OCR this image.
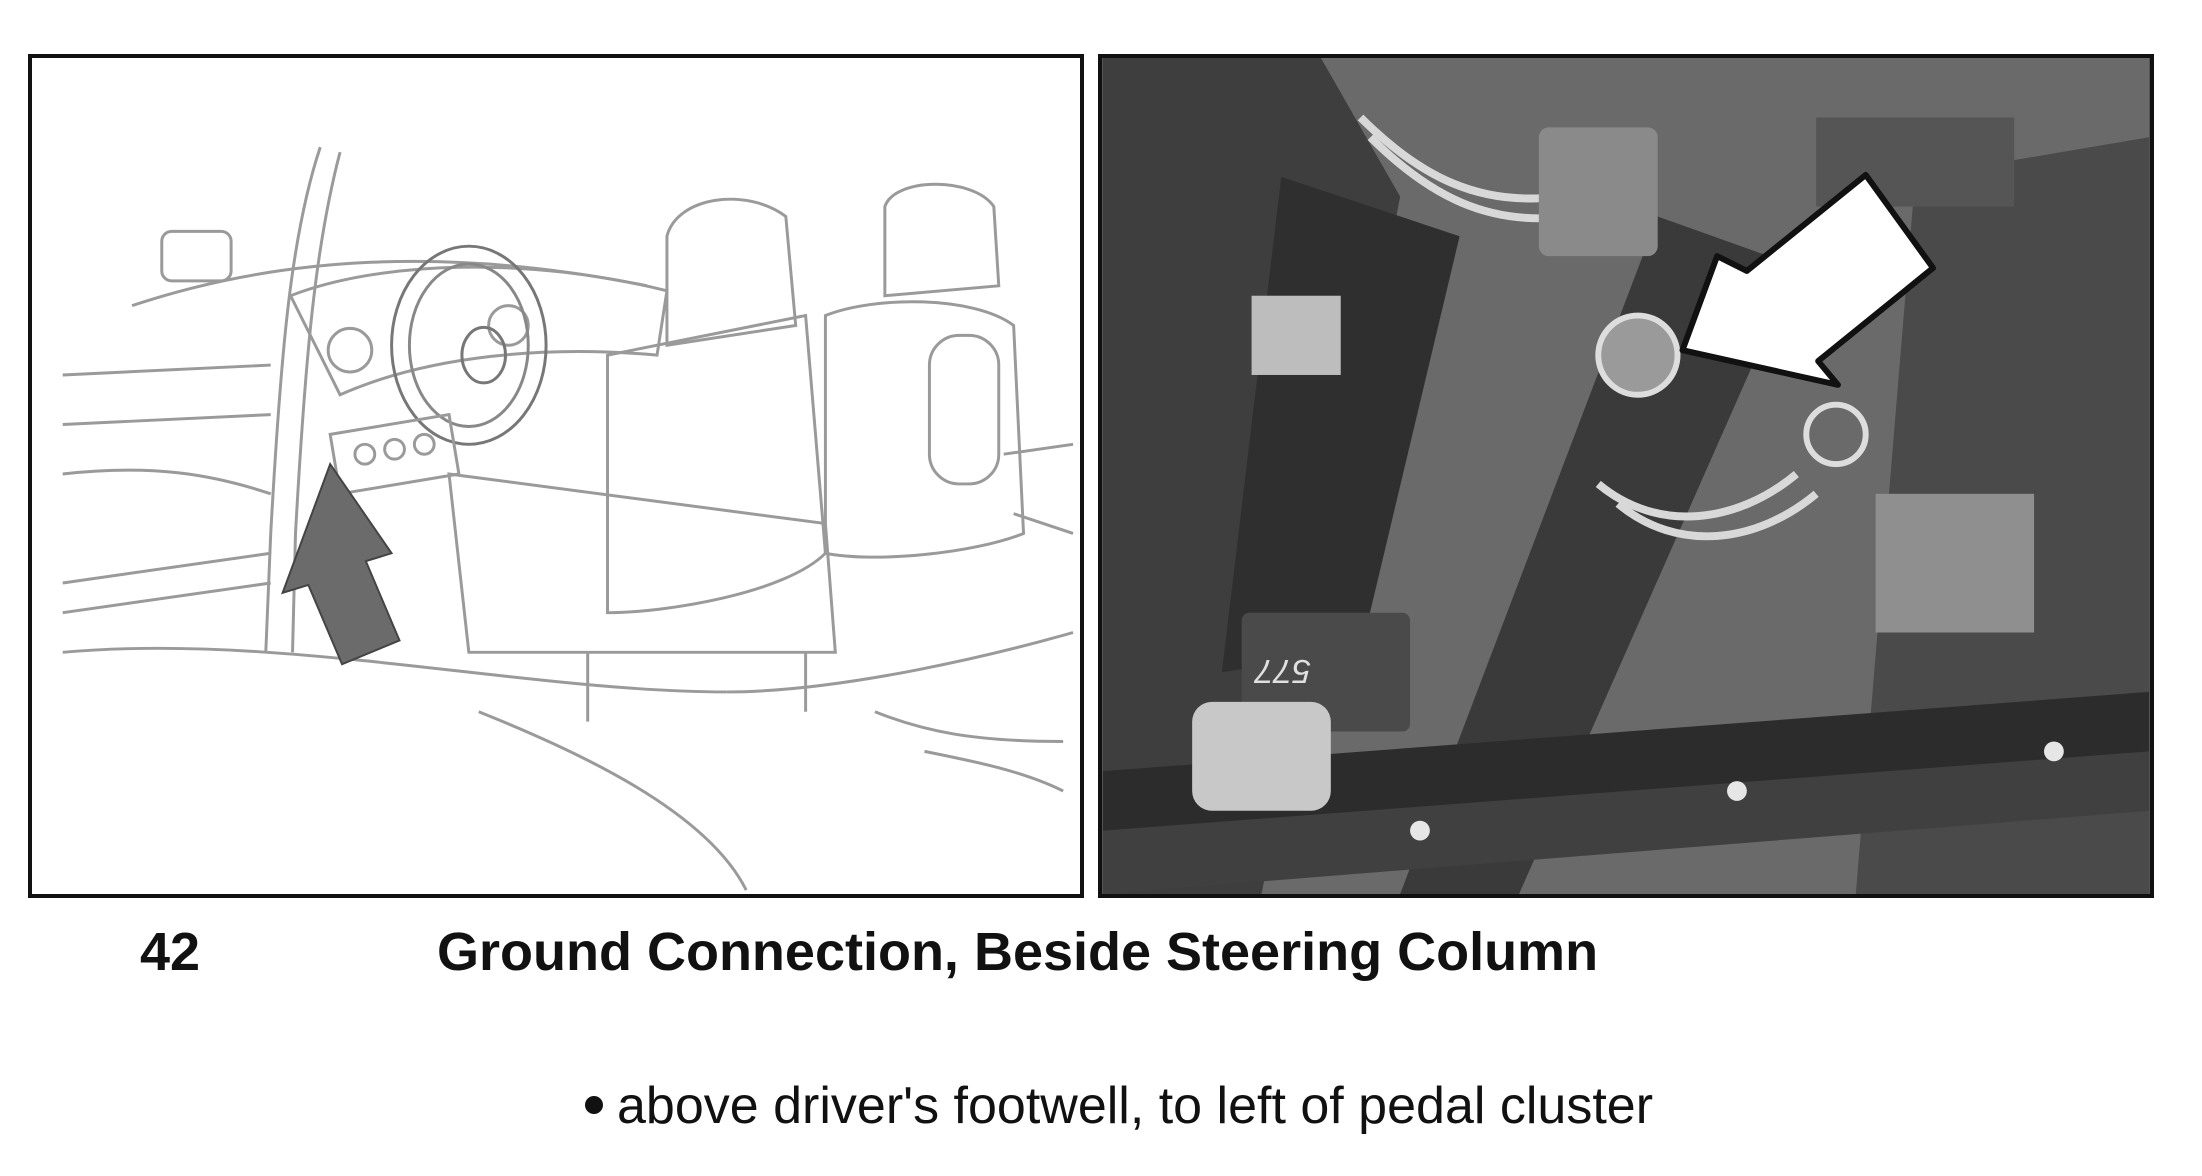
577
42	Ground Connection, Beside Steering Column
above driver's footwell, to left of pedal cluster
